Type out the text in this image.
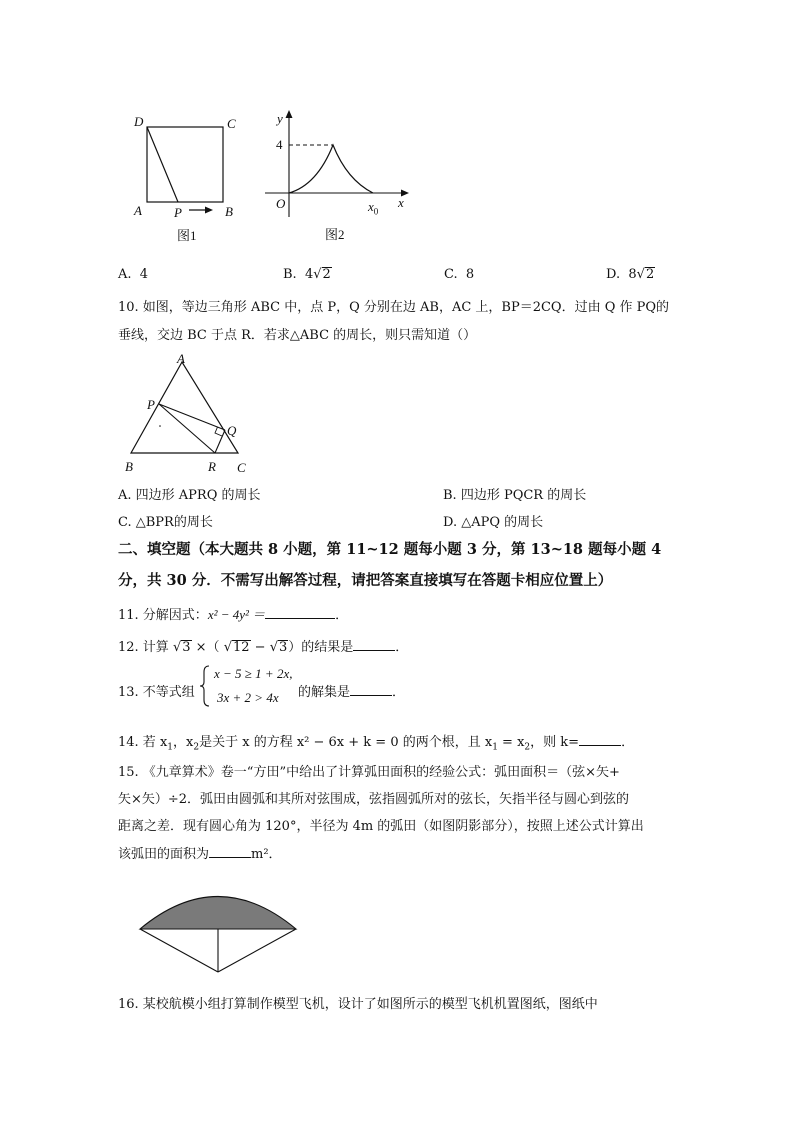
D	C
A P	B
图1
y
4
O	$x_0$
x
图2
A. 4	B. 4√2	C. 8	D. 8√2
10. 如图，等边三角形 ABC 中，点 P，Q 分别在边 AB，AC 上，BP＝2CQ．过由 Q 作 PQ的
垂线，交边 BC 于点 R．若求△ABC 的周长，则只需知道（）
A
P
Q
B	R C
A. 四边形 APRQ 的周长	B. 四边形 PQCR 的周长
C. △BPR的周长	D. △APQ 的周长
二、填空题（本大题共 8 小题，第 11~12 题每小题 3 分，第 13~18 题每小题 4
分，共 30 分．不需写出解答过程，请把答案直接填写在答题卡相应位置上）
11. 分解因式：x² − 4y² ＝	．
12. 计算 √3 ×（ √12 − √3）的结果是	．
13. 不等式组
x − 5 ≥ 1 + 2x,
3x + 2 > 4x 的解集是	．
14. 若 $x_1$，$x_2$是关于 x 的方程 x² − 6x + k = 0 的两个根，且 $x_1 = x_2$，则 k=	．
15. 《九章算术》卷一“方田”中给出了计算弧田面积的经验公式：弧田面积＝（弦×矢+
矢×矢）÷2．弧田由圆弧和其所对弦围成，弦指圆弧所对的弦长，矢指半径与圆心到弦的
距离之差．现有圆心角为 120°，半径为 4m 的弧田（如图阴影部分），按照上述公式计算出
该弧田的面积为	m²．
16. 某校航模小组打算制作模型飞机，设计了如图所示的模型飞机机置图纸，图纸中
